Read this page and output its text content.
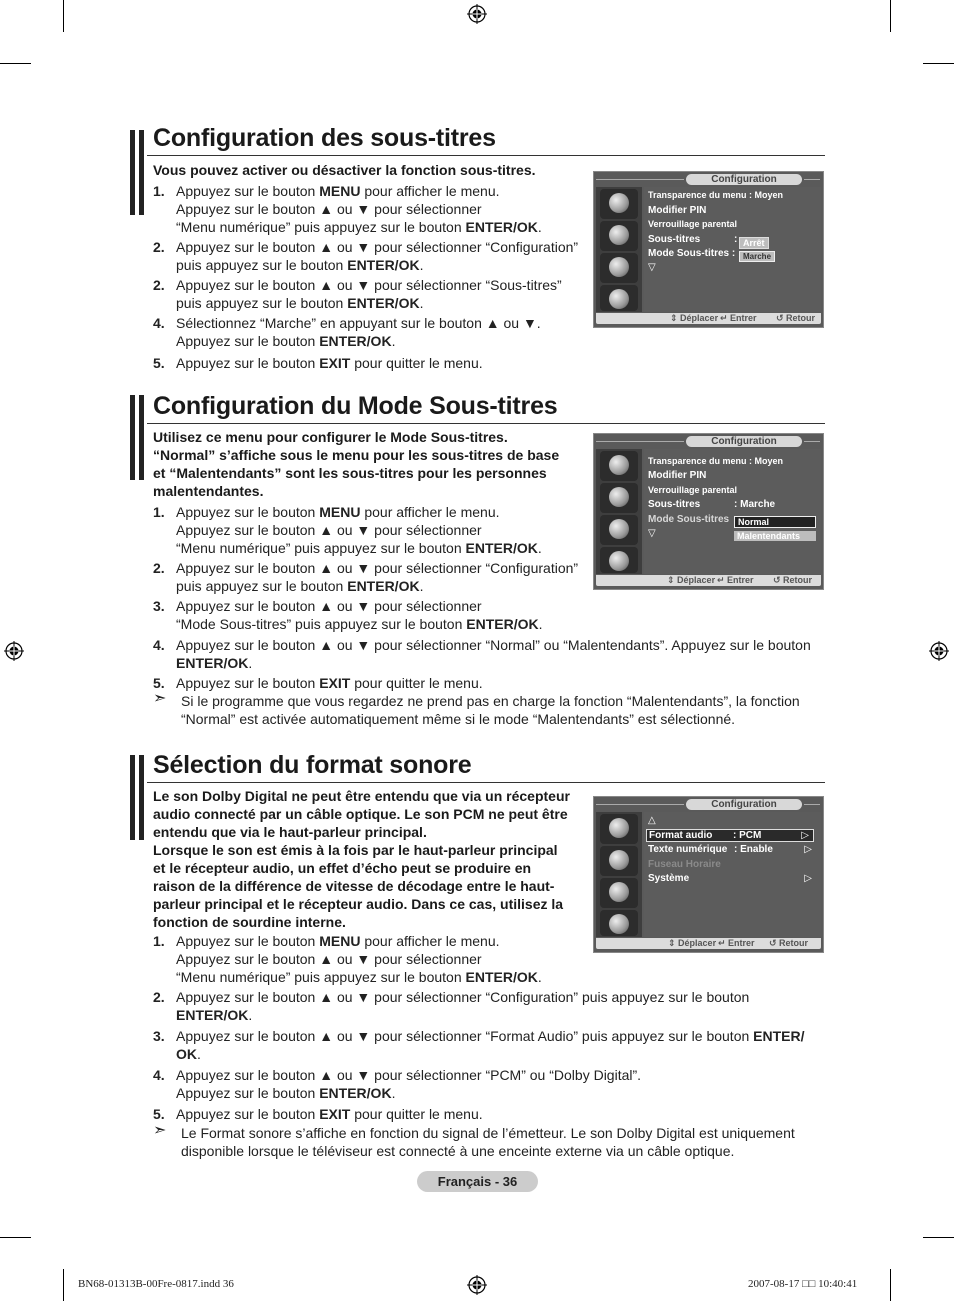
Configuration des sous-titres
Vous pouvez activer ou désactiver la fonction sous-titres.
1. Appuyez sur le bouton MENU pour afficher le menu.
Appuyez sur le bouton ▲ ou ▼ pour sélectionner
“Menu numérique” puis appuyez sur le bouton ENTER/OK.
2. Appuyez sur le bouton ▲ ou ▼ pour sélectionner “Configuration”
puis appuyez sur le bouton ENTER/OK.
2. Appuyez sur le bouton ▲ ou ▼ pour sélectionner “Sous-titres”
puis appuyez sur le bouton ENTER/OK.
4. Sélectionnez “Marche” en appuyant sur le bouton ▲ ou ▼.
Appuyez sur le bouton ENTER/OK.
5. Appuyez sur le bouton EXIT pour quitter le menu.
Configuration
Transparence du menu : Moyen
Modifier PIN
Verrouillage parental
Sous-titres	:
Mode Sous-titres :
▽
Arrêt
Marche
⇕ Déplacer ↵ Entrer ↺ Retour
Configuration du Mode Sous-titres
Utilisez ce menu pour configurer le Mode Sous-titres.
“Normal” s’affiche sous le menu pour les sous-titres de base
et “Malentendants” sont les sous-titres pour les personnes
malentendantes.
1. Appuyez sur le bouton MENU pour afficher le menu.
Appuyez sur le bouton ▲ ou ▼ pour sélectionner
“Menu numérique” puis appuyez sur le bouton ENTER/OK.
2. Appuyez sur le bouton ▲ ou ▼ pour sélectionner “Configuration”
puis appuyez sur le bouton ENTER/OK.
3. Appuyez sur le bouton ▲ ou ▼ pour sélectionner
“Mode Sous-titres” puis appuyez sur le bouton ENTER/OK.
4. Appuyez sur le bouton ▲ ou ▼ pour sélectionner “Normal” ou “Malentendants”. Appuyez sur le bouton
ENTER/OK.
5. Appuyez sur le bouton EXIT pour quitter le menu.
➣ Si le programme que vous regardez ne prend pas en charge la fonction “Malentendants”, la fonction
“Normal” est activée automatiquement même si le mode “Malentendants” est sélectionné.
Configuration
Transparence du menu : Moyen
Modifier PIN
Verrouillage parental
Sous-titres	: Marche
Mode Sous-titres
▽
Normal
Malentendants
⇕ Déplacer ↵ Entrer ↺ Retour
Sélection du format sonore
Le son Dolby Digital ne peut être entendu que via un récepteur
audio connecté par un câble optique. Le son PCM ne peut être
entendu que via le haut-parleur principal.
Lorsque le son est émis à la fois par le haut-parleur principal
et le récepteur audio, un effet d’écho peut se produire en
raison de la différence de vitesse de décodage entre le haut-
parleur principal et le récepteur audio. Dans ce cas, utilisez la
fonction de sourdine interne.
1. Appuyez sur le bouton MENU pour afficher le menu.
Appuyez sur le bouton ▲ ou ▼ pour sélectionner
“Menu numérique” puis appuyez sur le bouton ENTER/OK.
2. Appuyez sur le bouton ▲ ou ▼ pour sélectionner “Configuration” puis appuyez sur le bouton
ENTER/OK.
3. Appuyez sur le bouton ▲ ou ▼ pour sélectionner “Format Audio” puis appuyez sur le bouton ENTER/
OK.
4. Appuyez sur le bouton ▲ ou ▼ pour sélectionner “PCM” ou “Dolby Digital”.
Appuyez sur le bouton ENTER/OK.
5. Appuyez sur le bouton EXIT pour quitter le menu.
➣ Le Format sonore s’affiche en fonction du signal de l’émetteur. Le son Dolby Digital est uniquement
disponible lorsque le téléviseur est connecté à une enceinte externe via un câble optique.
Configuration
△
Format audio : PCM	▷
Texte numérique : Enable	▷
Fuseau Horaire
Système	▷
⇕ Déplacer ↵ Entrer ↺ Retour
Français - 36
BN68-01313B-00Fre-0817.indd 36	2007-08-17 □□ 10:40:41
